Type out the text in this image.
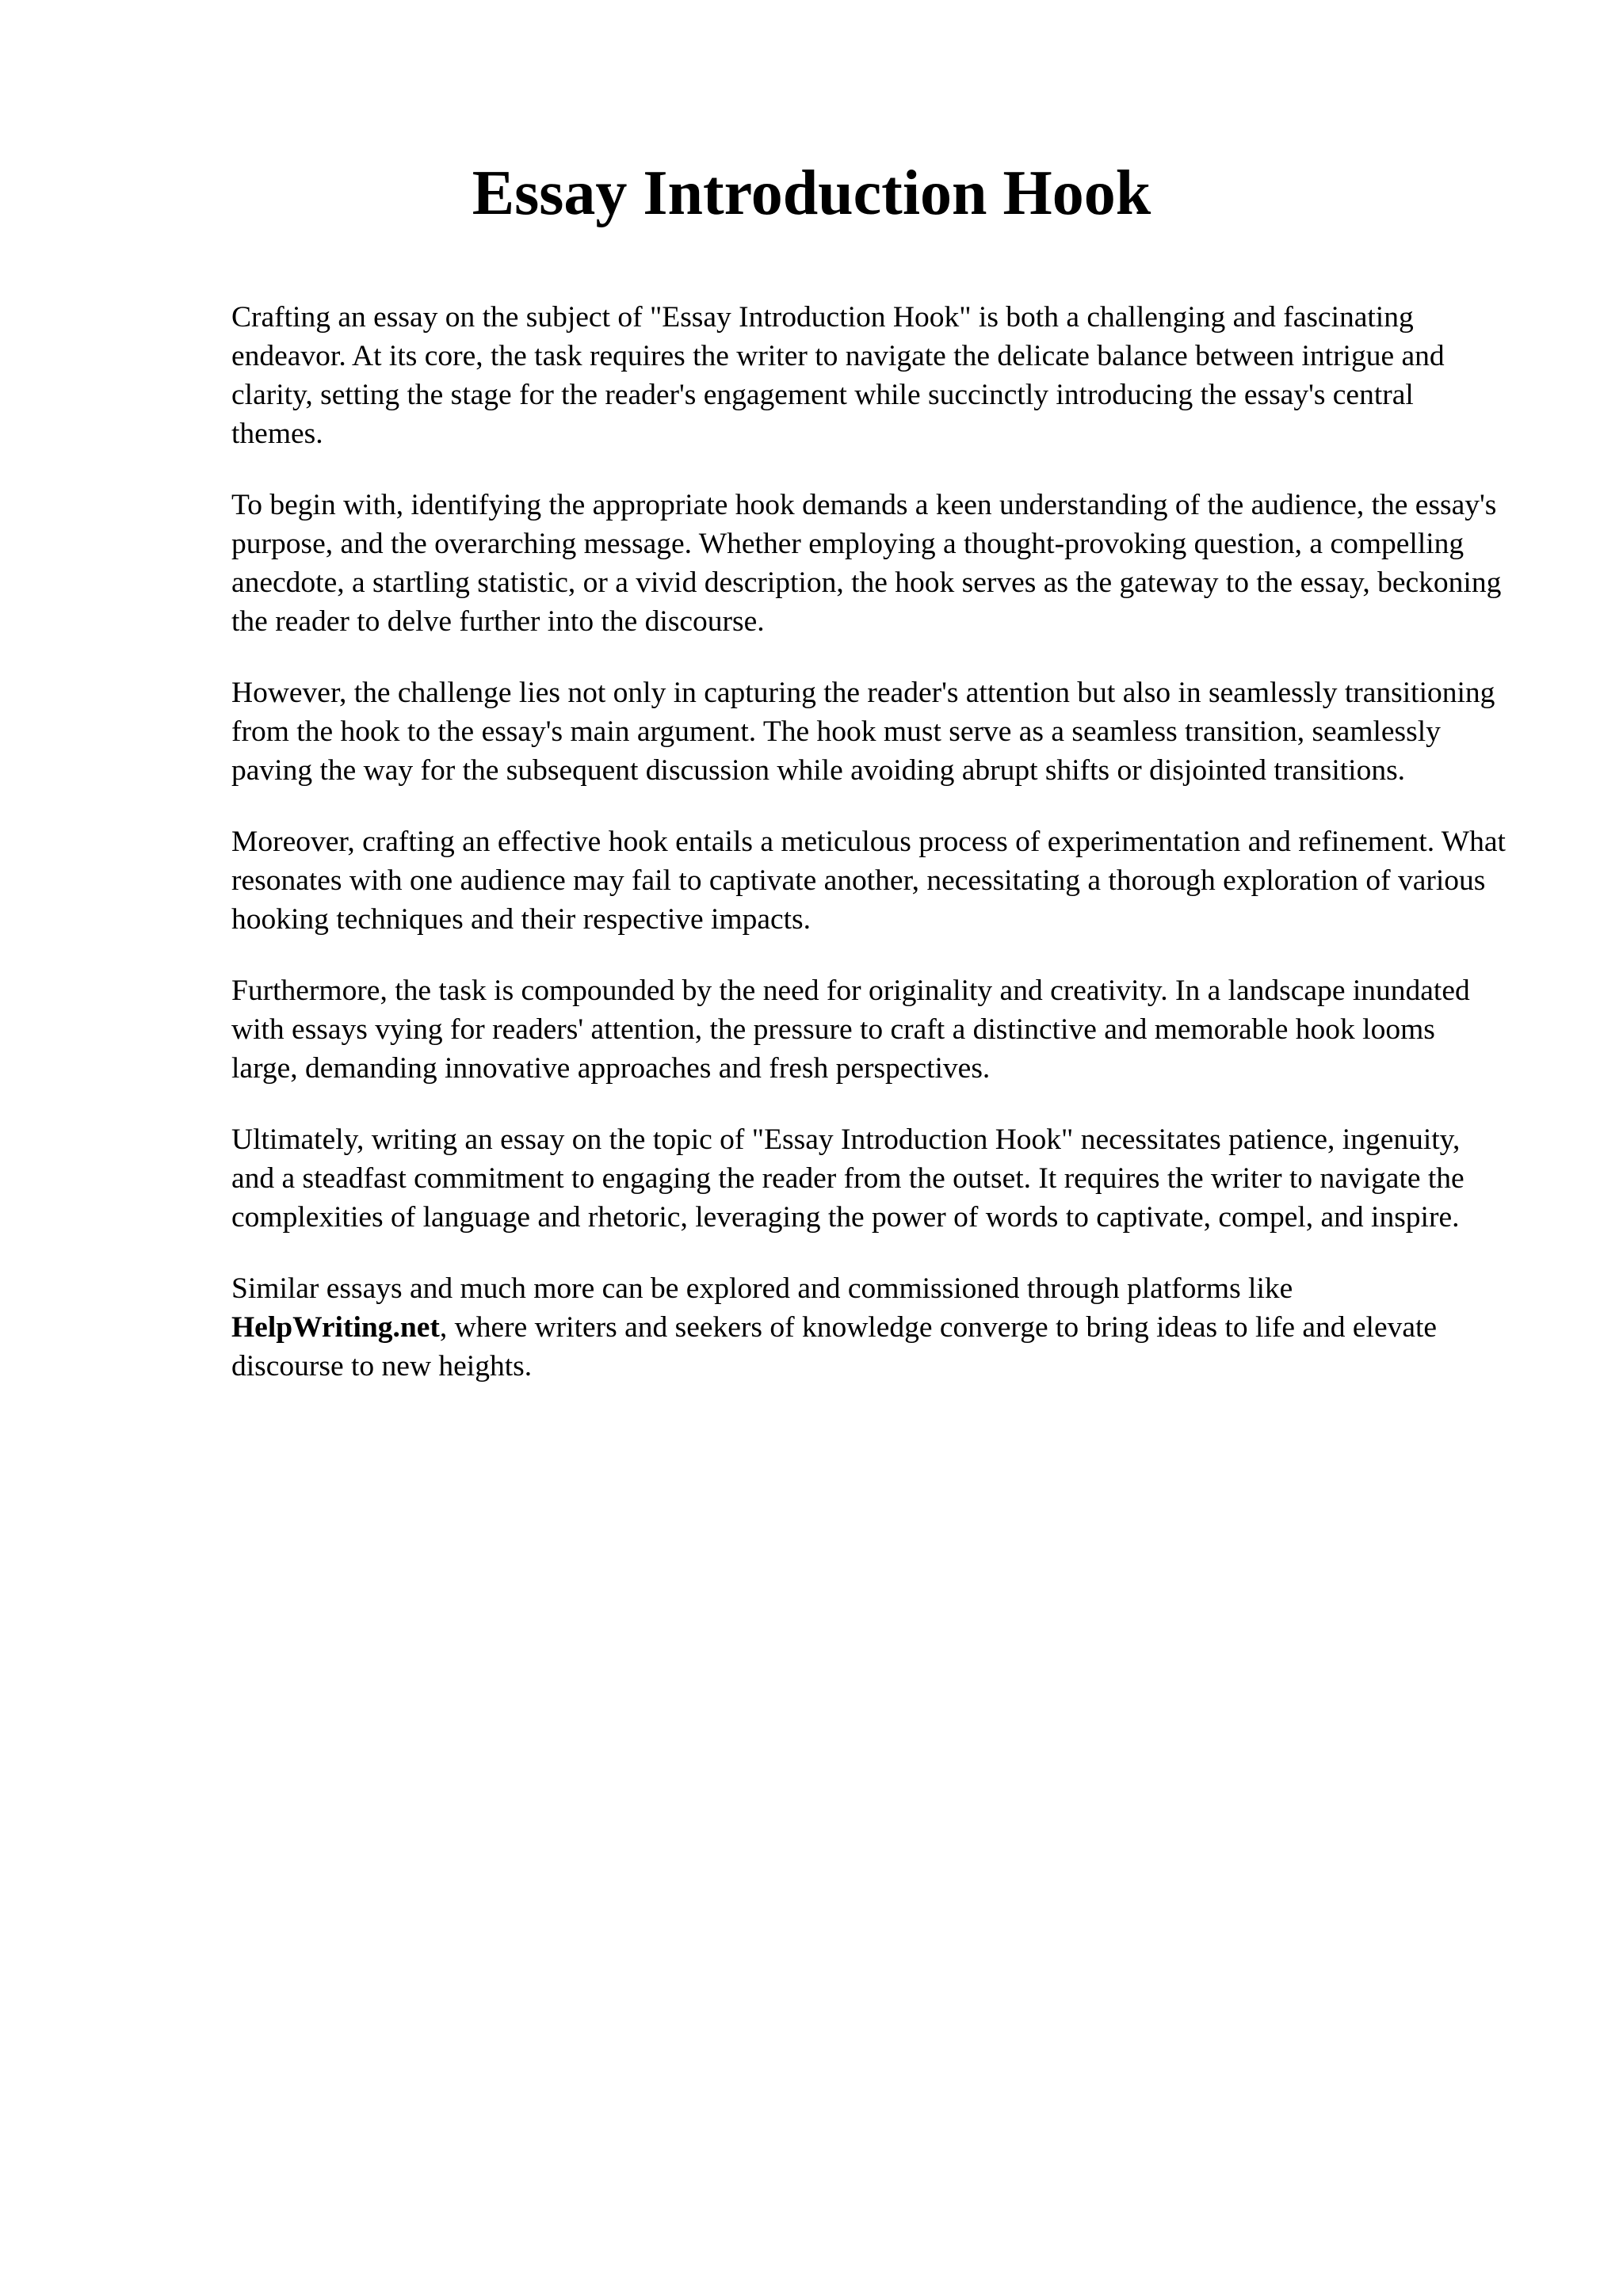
Essay Introduction Hook

Crafting an essay on the subject of "Essay Introduction Hook" is both a challenging and fascinating endeavor. At its core, the task requires the writer to navigate the delicate balance between intrigue and clarity, setting the stage for the reader's engagement while succinctly introducing the essay's central themes.

To begin with, identifying the appropriate hook demands a keen understanding of the audience, the essay's purpose, and the overarching message. Whether employing a thought-provoking question, a compelling anecdote, a startling statistic, or a vivid description, the hook serves as the gateway to the essay, beckoning the reader to delve further into the discourse.

However, the challenge lies not only in capturing the reader's attention but also in seamlessly transitioning from the hook to the essay's main argument. The hook must serve as a seamless transition, seamlessly paving the way for the subsequent discussion while avoiding abrupt shifts or disjointed transitions.

Moreover, crafting an effective hook entails a meticulous process of experimentation and refinement. What resonates with one audience may fail to captivate another, necessitating a thorough exploration of various hooking techniques and their respective impacts.

Furthermore, the task is compounded by the need for originality and creativity. In a landscape inundated with essays vying for readers' attention, the pressure to craft a distinctive and memorable hook looms large, demanding innovative approaches and fresh perspectives.

Ultimately, writing an essay on the topic of "Essay Introduction Hook" necessitates patience, ingenuity, and a steadfast commitment to engaging the reader from the outset. It requires the writer to navigate the complexities of language and rhetoric, leveraging the power of words to captivate, compel, and inspire.

Similar essays and much more can be explored and commissioned through platforms like HelpWriting.net, where writers and seekers of knowledge converge to bring ideas to life and elevate discourse to new heights.
